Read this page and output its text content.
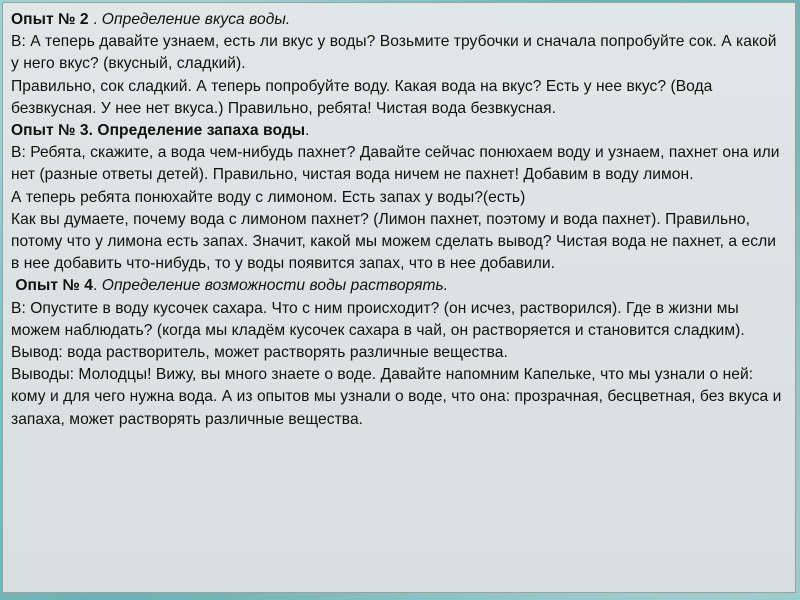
Опыт № 2 . Определение вкуса воды.

В: А теперь давайте узнаем, есть ли вкус у воды? Возьмите трубочки и сначала попробуйте сок. А какой у него вкус? (вкусный, сладкий).

Правильно, сок сладкий. А теперь попробуйте воду. Какая вода на вкус? Есть у нее вкус? (Вода безвкусная. У нее нет вкуса.) Правильно, ребята! Чистая вода безвкусная.

Опыт № 3. Определение запаха воды.

В: Ребята, скажите, а вода чем-нибудь пахнет? Давайте сейчас понюхаем воду и узнаем, пахнет она или нет (разные ответы детей). Правильно, чистая вода ничем не пахнет! Добавим в воду лимон.

А теперь ребята понюхайте воду с лимоном. Есть запах у воды?(есть)

Как вы думаете, почему вода с лимоном пахнет? (Лимон пахнет, поэтому и вода пахнет). Правильно, потому что у лимона есть запах. Значит, какой мы можем сделать вывод? Чистая вода не пахнет, а если в нее добавить что-нибудь, то у воды появится запах, что в нее добавили.

Опыт № 4. Определение возможности воды растворять.

В: Опустите в воду кусочек сахара. Что с ним происходит? (он исчез, растворился). Где в жизни мы можем наблюдать? (когда мы кладём кусочек сахара в чай, он растворяется и становится сладким). Вывод: вода растворитель, может растворять различные вещества.

Выводы: Молодцы! Вижу, вы много знаете о воде. Давайте напомним Капельке, что мы узнали о ней: кому и для чего нужна вода. А из опытов мы узнали о воде, что она: прозрачная, бесцветная, без вкуса и запаха, может растворять различные вещества.
